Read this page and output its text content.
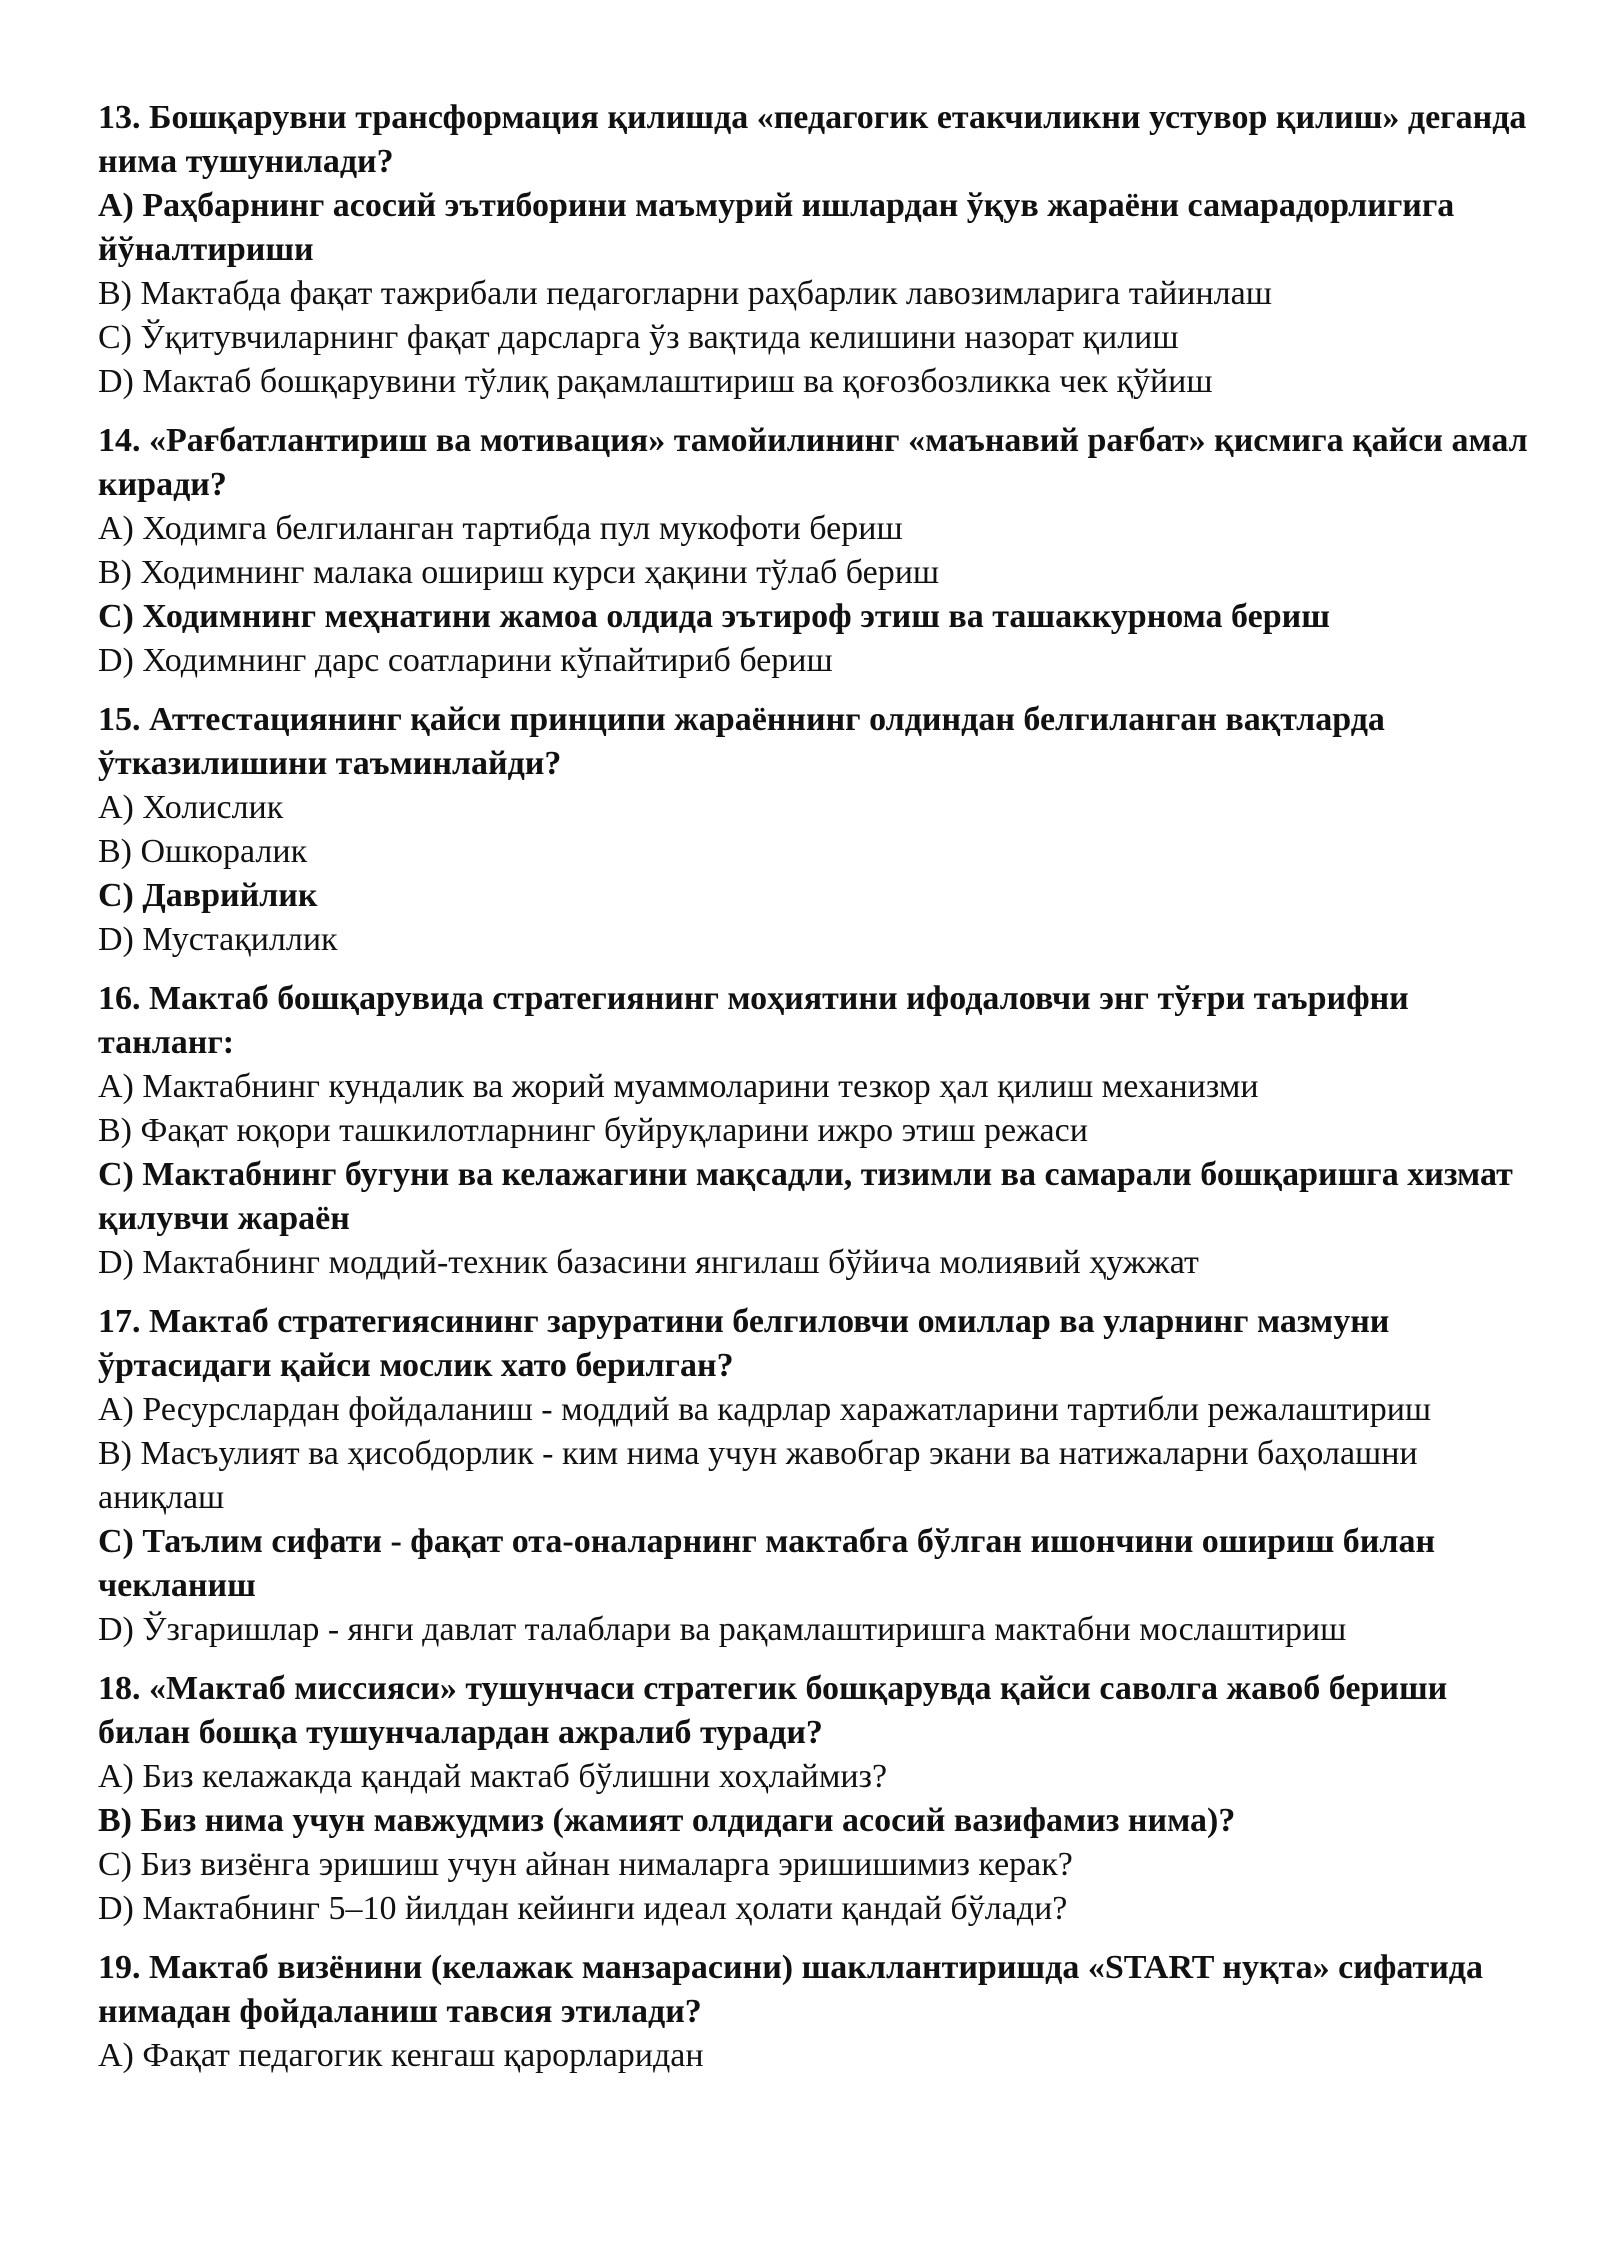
13. Бошқарувни трансформация қилишда «педагогик етакчиликни устувор қилиш» деганда нима тушунилади?

A) Раҳбарнинг асосий эътиборини маъмурий ишлардан ўқув жараёни самарадорлигига йўналтириши

B) Мактабда фақат тажрибали педагогларни раҳбарлик лавозимларига тайинлаш

C) Ўқитувчиларнинг фақат дарсларга ўз вақтида келишини назорат қилиш

D) Мактаб бошқарувини тўлиқ рақамлаштириш ва қоғозбозликка чек қўйиш

14. «Рағбатлантириш ва мотивация» тамойилининг «маънавий рағбат» қисмига қайси амал киради?

A) Ходимга белгиланган тартибда пул мукофоти бериш

B) Ходимнинг малака ошириш курси ҳақини тўлаб бериш

C) Ходимнинг меҳнатини жамоа олдида эътироф этиш ва ташаккурнома бериш

D) Ходимнинг дарс соатларини кўпайтириб бериш

15. Аттестациянинг қайси принципи жараённинг олдиндан белгиланган вақтларда ўтказилишини таъминлайди?

A) Холислик

B) Ошкоралик

C) Даврийлик

D) Мустақиллик

16. Мактаб бошқарувида стратегиянинг моҳиятини ифодаловчи энг тўғри таърифни танланг:

A) Мактабнинг кундалик ва жорий муаммоларини тезкор ҳал қилиш механизми

B) Фақат юқори ташкилотларнинг буйруқларини ижро этиш режаси

C) Мактабнинг бугуни ва келажагини мақсадли, тизимли ва самарали бошқаришга хизмат қилувчи жараён

D) Мактабнинг моддий-техник базасини янгилаш бўйича молиявий ҳужжат

17. Мактаб стратегиясининг заруратини белгиловчи омиллар ва уларнинг мазмуни ўртасидаги қайси мослик хато берилган?

A) Ресурслардан фойдаланиш - моддий ва кадрлар харажатларини тартибли режалаштириш

B) Масъулият ва ҳисобдорлик - ким нима учун жавобгар экани ва натижаларни баҳолашни аниқлаш

C) Таълим сифати - фақат ота-оналарнинг мактабга бўлган ишончини ошириш билан чекланиш

D) Ўзгаришлар - янги давлат талаблари ва рақамлаштиришга мактабни мослаштириш

18. «Мактаб миссияси» тушунчаси стратегик бошқарувда қайси саволга жавоб бериши билан бошқа тушунчалардан ажралиб туради?

A) Биз келажакда қандай мактаб бўлишни хоҳлаймиз?

B) Биз нима учун мавжудмиз (жамият олдидаги асосий вазифамиз нима)?

C) Биз визёнга эришиш учун айнан нималарга эришишимиз керак?

D) Мактабнинг 5–10 йилдан кейинги идеал ҳолати қандай бўлади?

19. Мактаб визёнини (келажак манзарасини) шакллантиришда «START нуқта» сифатида нимадан фойдаланиш тавсия этилади?

A) Фақат педагогик кенгаш қарорларидан
